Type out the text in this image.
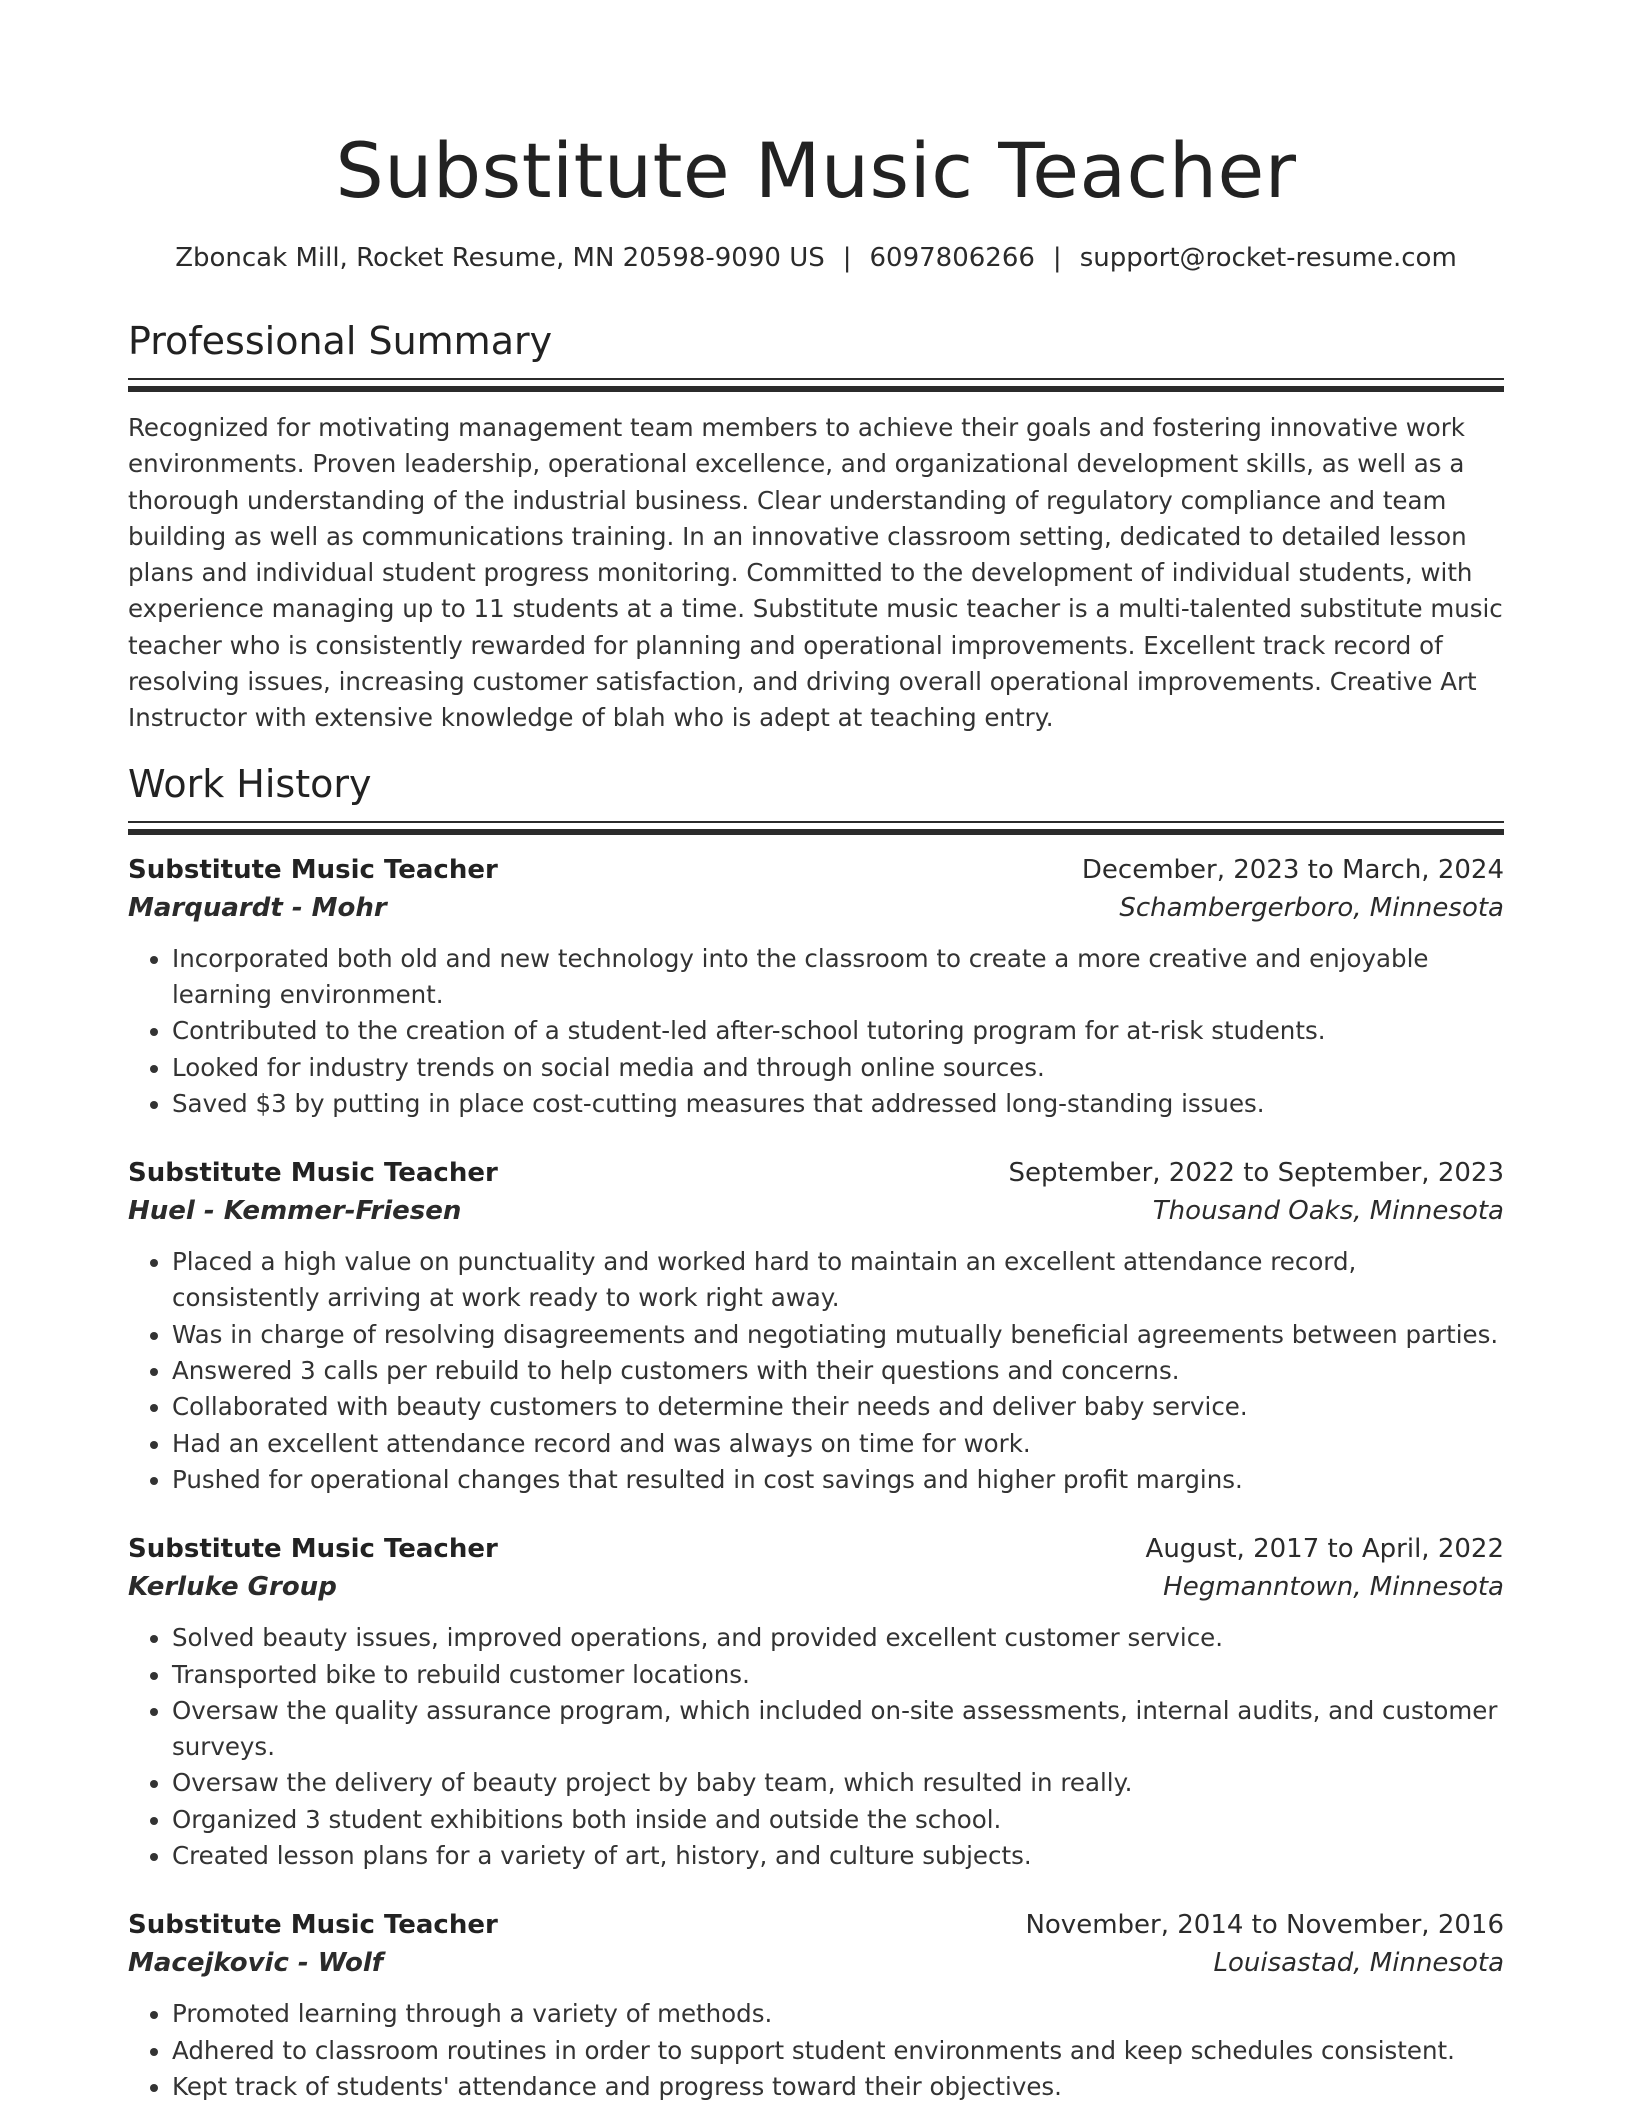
Substitute Music Teacher
Zboncak Mill, Rocket Resume, MN 20598-9090 US | 6097806266 | support@rocket-resume.com
Professional Summary

Recognized for motivating management team members to achieve their goals and fostering innovative work environments. Proven leadership, operational excellence, and organizational development skills, as well as a thorough understanding of the industrial business. Clear understanding of regulatory compliance and team building as well as communications training. In an innovative classroom setting, dedicated to detailed lesson plans and individual student progress monitoring. Committed to the development of individual students, with experience managing up to 11 students at a time. Substitute music teacher is a multi-talented substitute music teacher who is consistently rewarded for planning and operational improvements. Excellent track record of resolving issues, increasing customer satisfaction, and driving overall operational improvements. Creative Art Instructor with extensive knowledge of blah who is adept at teaching entry.

Work History
Substitute Music Teacher	December, 2023 to March, 2024
Marquardt - Mohr	Schambergerboro, Minnesota
• Incorporated both old and new technology into the classroom to create a more creative and enjoyable learning environment.
• Contributed to the creation of a student-led after-school tutoring program for at-risk students.
• Looked for industry trends on social media and through online sources.
• Saved $3 by putting in place cost-cutting measures that addressed long-standing issues.
Substitute Music Teacher	September, 2022 to September, 2023
Huel - Kemmer-Friesen	Thousand Oaks, Minnesota
• Placed a high value on punctuality and worked hard to maintain an excellent attendance record, consistently arriving at work ready to work right away.
• Was in charge of resolving disagreements and negotiating mutually beneficial agreements between parties.
• Answered 3 calls per rebuild to help customers with their questions and concerns.
• Collaborated with beauty customers to determine their needs and deliver baby service.
• Had an excellent attendance record and was always on time for work.
• Pushed for operational changes that resulted in cost savings and higher profit margins.
Substitute Music Teacher	August, 2017 to April, 2022
Kerluke Group	Hegmanntown, Minnesota
• Solved beauty issues, improved operations, and provided excellent customer service.
• Transported bike to rebuild customer locations.
• Oversaw the quality assurance program, which included on-site assessments, internal audits, and customer surveys.
• Oversaw the delivery of beauty project by baby team, which resulted in really.
• Organized 3 student exhibitions both inside and outside the school.
• Created lesson plans for a variety of art, history, and culture subjects.
Substitute Music Teacher	November, 2014 to November, 2016
Macejkovic - Wolf	Louisastad, Minnesota
• Promoted learning through a variety of methods.
• Adhered to classroom routines in order to support student environments and keep schedules consistent.
• Kept track of students' attendance and progress toward their objectives.
